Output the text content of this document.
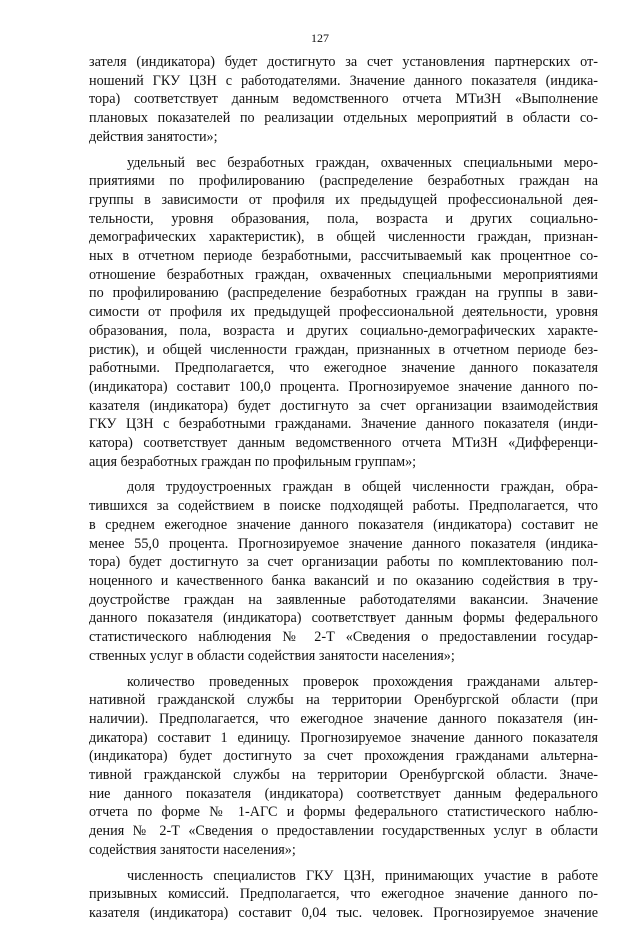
127
зателя (индикатора) будет достигнуто за счет установления партнерских от-
ношений ГКУ ЦЗН с работодателями. Значение данного показателя (индика-
тора) соответствует данным ведомственного отчета МТиЗН «Выполнение
плановых показателей по реализации отдельных мероприятий в области со-
действия занятости»;
удельный вес безработных граждан, охваченных специальными меро-
приятиями по профилированию (распределение безработных граждан на
группы в зависимости от профиля их предыдущей профессиональной дея-
тельности, уровня образования, пола, возраста и других социально-
демографических характеристик), в общей численности граждан, признан-
ных в отчетном периоде безработными, рассчитываемый как процентное со-
отношение безработных граждан, охваченных специальными мероприятиями
по профилированию (распределение безработных граждан на группы в зави-
симости от профиля их предыдущей профессиональной деятельности, уровня
образования, пола, возраста и других социально-демографических характе-
ристик), и общей численности граждан, признанных в отчетном периоде без-
работными. Предполагается, что ежегодное значение данного показателя
(индикатора) составит 100,0 процента. Прогнозируемое значение данного по-
казателя (индикатора) будет достигнуто за счет организации взаимодействия
ГКУ ЦЗН с безработными гражданами. Значение данного показателя (инди-
катора) соответствует данным ведомственного отчета МТиЗН «Дифференци-
ация безработных граждан по профильным группам»;
доля трудоустроенных граждан в общей численности граждан, обра-
тившихся за содействием в поиске подходящей работы. Предполагается, что
в среднем ежегодное значение данного показателя (индикатора) составит не
менее 55,0 процента. Прогнозируемое значение данного показателя (индика-
тора) будет достигнуто за счет организации работы по комплектованию пол-
ноценного и качественного банка вакансий и по оказанию содействия в тру-
доустройстве граждан на заявленные работодателями вакансии. Значение
данного показателя (индикатора) соответствует данным формы федерального
статистического наблюдения № 2-Т «Сведения о предоставлении государ-
ственных услуг в области содействия занятости населения»;
количество проведенных проверок прохождения гражданами альтер-
нативной гражданской службы на территории Оренбургской области (при
наличии). Предполагается, что ежегодное значение данного показателя (ин-
дикатора) составит 1 единицу. Прогнозируемое значение данного показателя
(индикатора) будет достигнуто за счет прохождения гражданами альтерна-
тивной гражданской службы на территории Оренбургской области. Значе-
ние данного показателя (индикатора) соответствует данным федерального
отчета по форме № 1-АГС и формы федерального статистического наблю-
дения № 2-Т «Сведения о предоставлении государственных услуг в области
содействия занятости населения»;
численность специалистов ГКУ ЦЗН, принимающих участие в работе
призывных комиссий. Предполагается, что ежегодное значение данного по-
казателя (индикатора) составит 0,04 тыс. человек. Прогнозируемое значение
